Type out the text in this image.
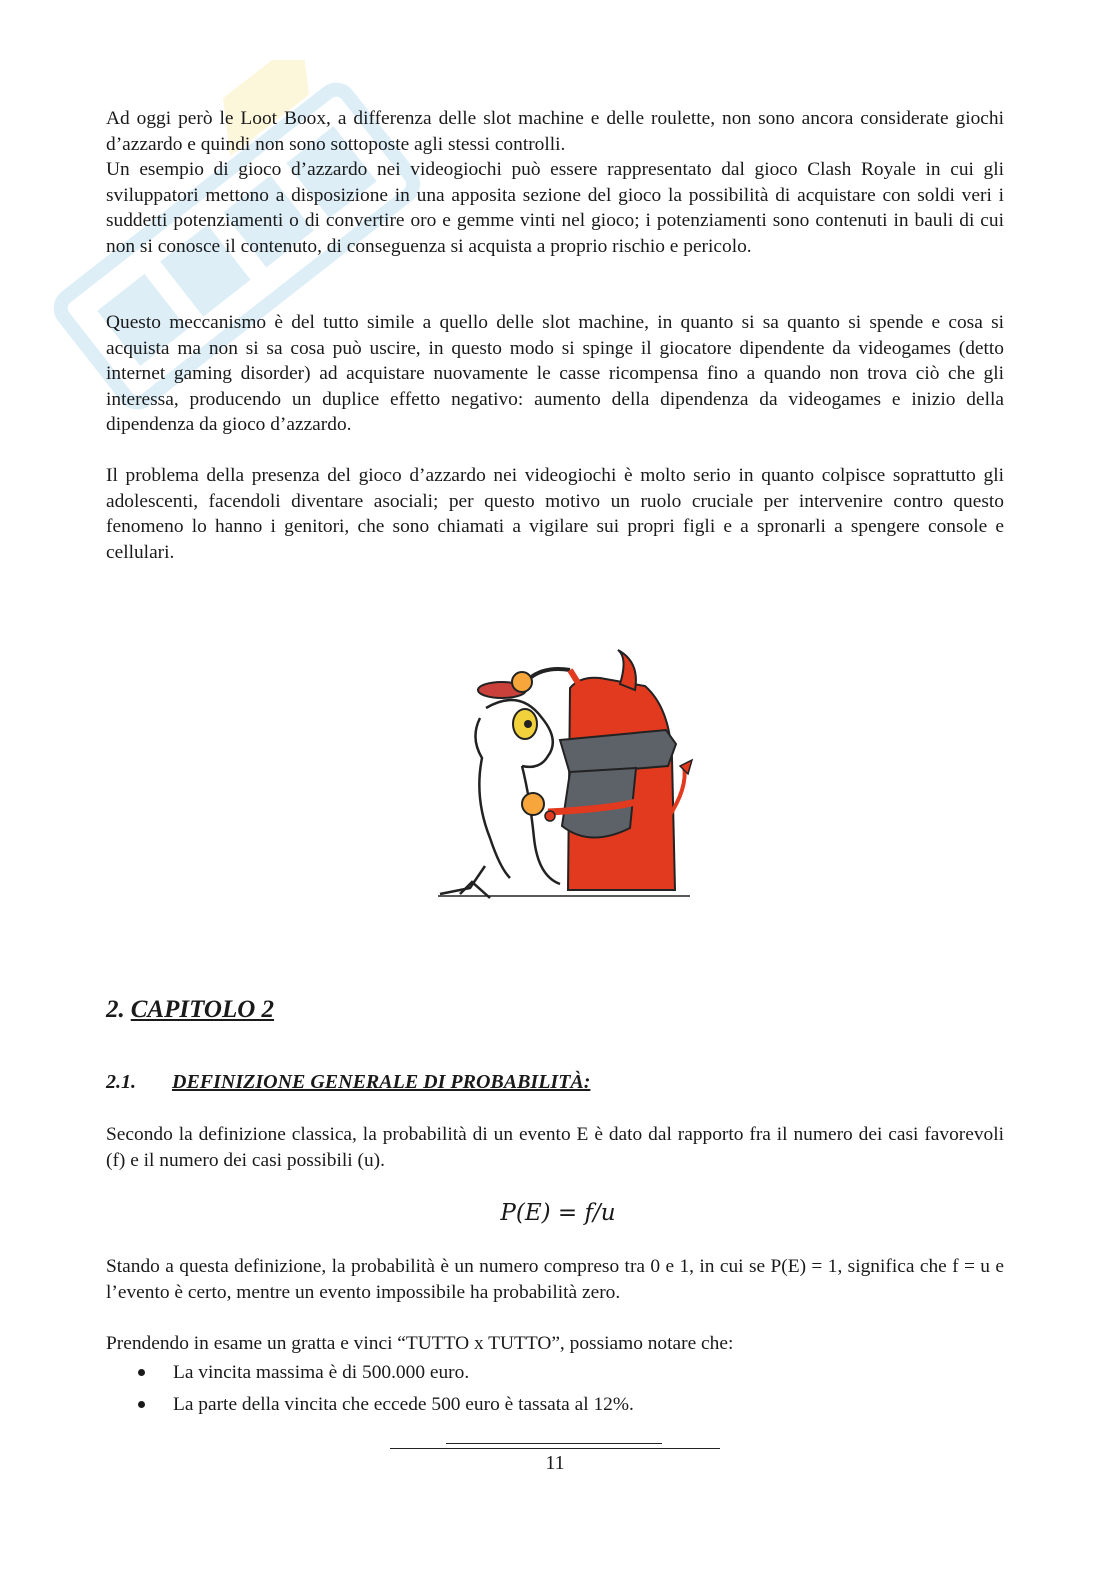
Ad oggi però le Loot Boox, a differenza delle slot machine e delle roulette, non sono ancora considerate giochi d’azzardo e quindi non sono sottoposte agli stessi controlli.

Un esempio di gioco d’azzardo nei videogiochi può essere rappresentato dal gioco Clash Royale in cui gli sviluppatori mettono a disposizione in una apposita sezione del gioco la possibilità di acquistare con soldi veri i suddetti potenziamenti o di convertire oro e gemme vinti nel gioco; i potenziamenti sono contenuti in bauli di cui non si conosce il contenuto, di conseguenza si acquista a proprio rischio e pericolo.

Questo meccanismo è del tutto simile a quello delle slot machine, in quanto si sa quanto si spende e cosa si acquista ma non si sa cosa può uscire, in questo modo si spinge il giocatore dipendente da videogames (detto internet gaming disorder) ad acquistare nuovamente le casse ricompensa fino a quando non trova ciò che gli interessa, producendo un duplice effetto negativo: aumento della dipendenza da videogames e inizio della dipendenza da gioco d’azzardo.

Il problema della presenza del gioco d’azzardo nei videogiochi è molto serio in quanto colpisce soprattutto gli adolescenti, facendoli diventare asociali; per questo motivo un ruolo cruciale per intervenire contro questo fenomeno lo hanno i genitori, che sono chiamati a vigilare sui propri figli e a spronarli a spengere console e cellulari.

2. CAPITOLO 2
2.1. DEFINIZIONE GENERALE DI PROBABILITÀ:

Secondo la definizione classica, la probabilità di un evento E è dato dal rapporto fra il numero dei casi favorevoli (f) e il numero dei casi possibili (u).

P(E) = f/u

Stando a questa definizione, la probabilità è un numero compreso tra 0 e 1, in cui se P(E) = 1, significa che f = u e l’evento è certo, mentre un evento impossibile ha probabilità zero.

Prendendo in esame un gratta e vinci “TUTTO x TUTTO”, possiamo notare che:

La vincita massima è di 500.000 euro.
La parte della vincita che eccede 500 euro è tassata al 12%.
11
